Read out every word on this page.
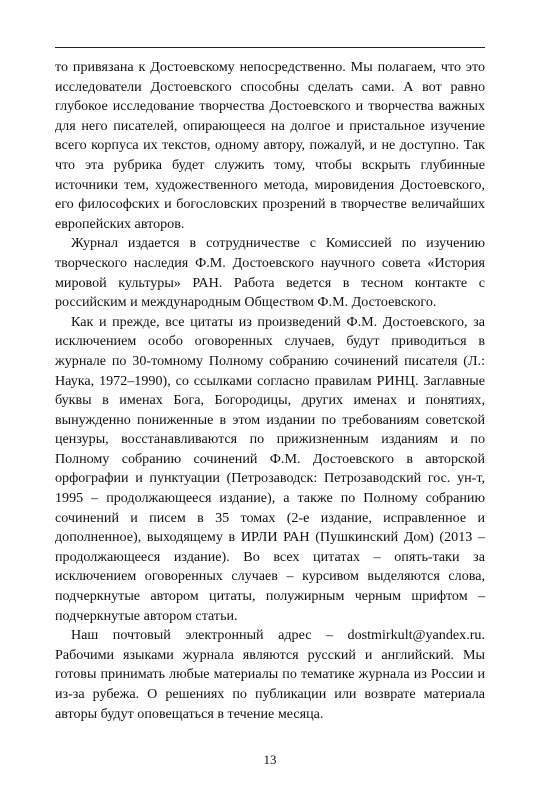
то привязана к Достоевскому непосредственно. Мы полагаем, что это исследователи Достоевского способны сделать сами. А вот равно глубокое исследование творчества Достоевского и творчества важных для него писателей, опирающееся на долгое и пристальное изучение всего корпуса их текстов, одному автору, пожалуй, и не доступно. Так что эта рубрика будет служить тому, чтобы вскрыть глубинные источники тем, художественного метода, мировидения Достоевского, его философских и богословских прозрений в творчестве величайших европейских авторов.

Журнал издается в сотрудничестве с Комиссией по изучению творческого наследия Ф.М. Достоевского научного совета «История мировой культуры» РАН. Работа ведется в тесном контакте с российским и международным Обществом Ф.М. Достоевского.

Как и прежде, все цитаты из произведений Ф.М. Достоевского, за исключением особо оговоренных случаев, будут приводиться в журнале по 30-томному Полному собранию сочинений писателя (Л.: Наука, 1972–1990), со ссылками согласно правилам РИНЦ. Заглавные буквы в именах Бога, Богородицы, других именах и понятиях, вынужденно пониженные в этом издании по требованиям советской цензуры, восстанавливаются по прижизненным изданиям и по Полному собранию сочинений Ф.М. Достоевского в авторской орфографии и пунктуации (Петрозаводск: Петрозаводский гос. ун-т, 1995 – продолжающееся издание), а также по Полному собранию сочинений и писем в 35 томах (2-е издание, исправленное и дополненное), выходящему в ИРЛИ РАН (Пушкинский Дом) (2013 – продолжающееся издание). Во всех цитатах – опять-таки за исключением оговоренных случаев – курсивом выделяются слова, подчеркнутые автором цитаты, полужирным черным шрифтом – подчеркнутые автором статьи.

Наш почтовый электронный адрес – dostmirkult@yandex.ru. Рабочими языками журнала являются русский и английский. Мы готовы принимать любые материалы по тематике журнала из России и из-за рубежа. О решениях по публикации или возврате материала авторы будут оповещаться в течение месяца.

13
